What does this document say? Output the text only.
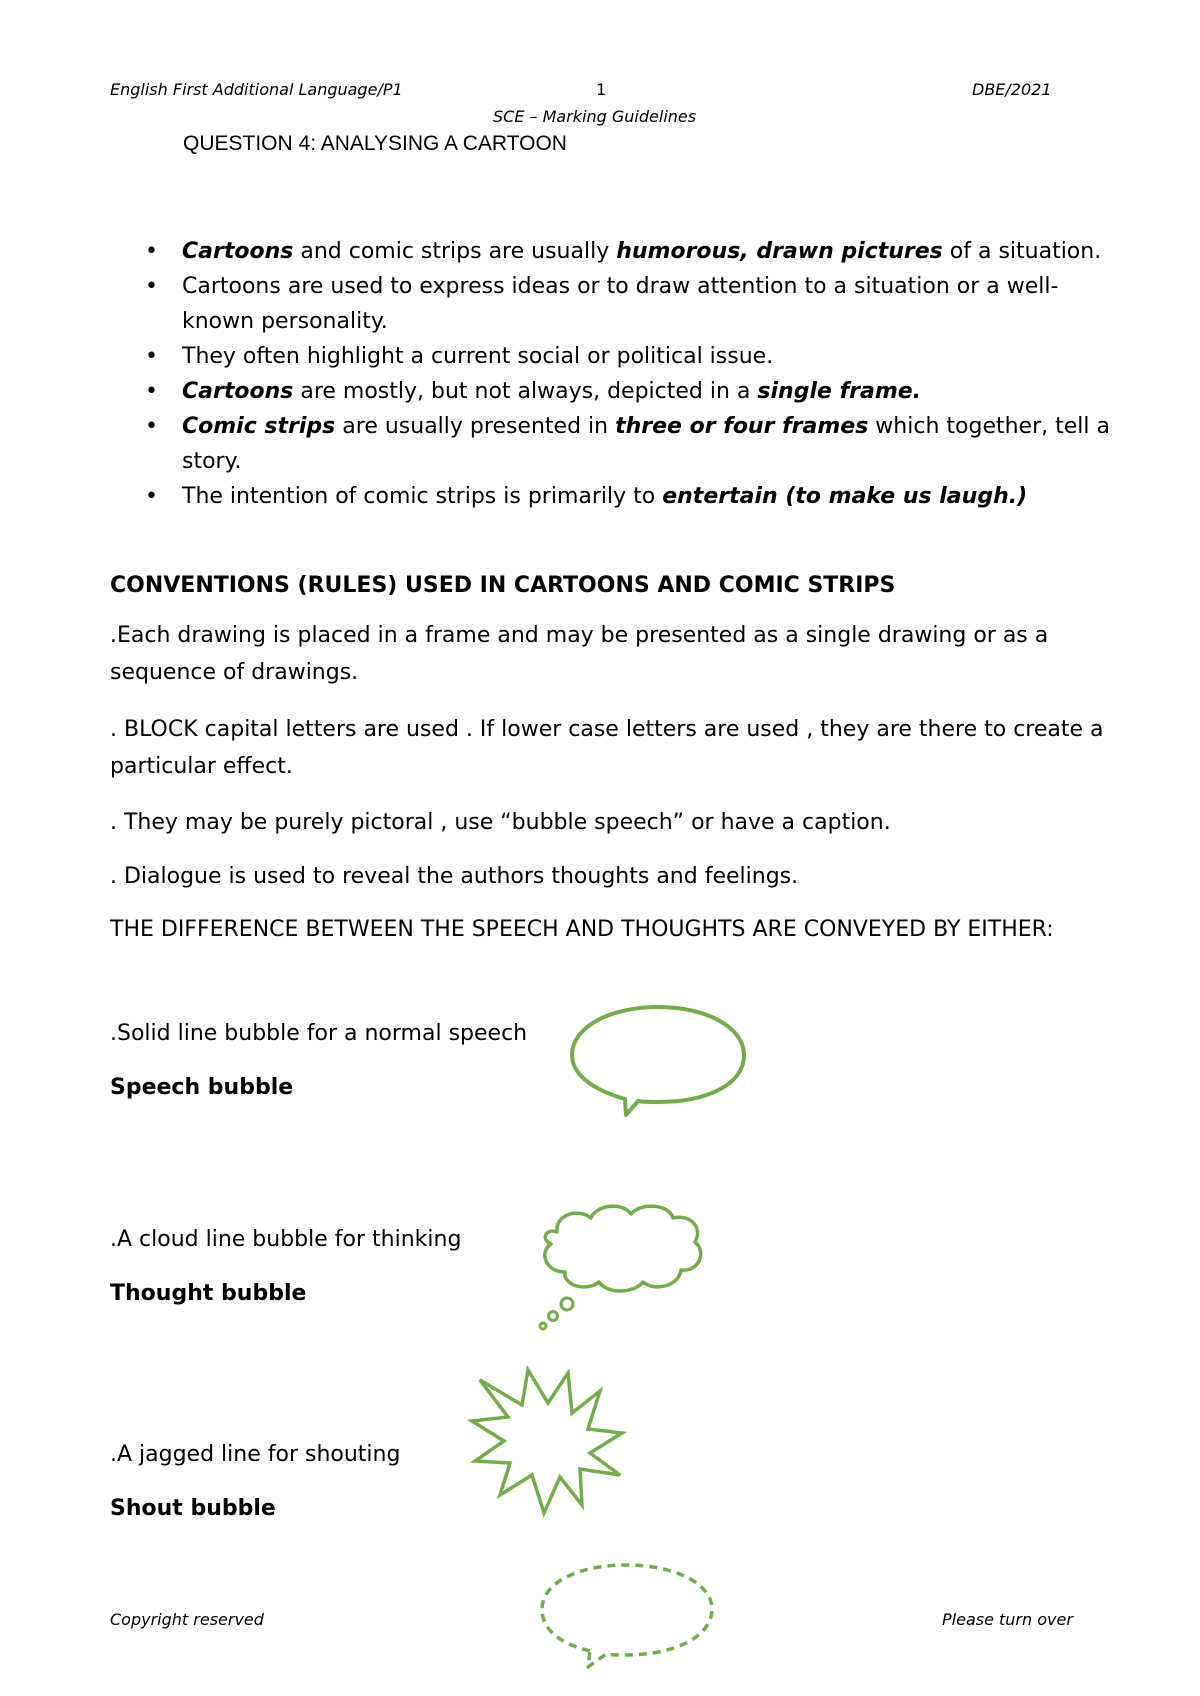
English First Additional Language/P1	1	DBE/2021
SCE – Marking Guidelines
QUESTION 4: ANALYSING A CARTOON
• Cartoons and comic strips are usually humorous, drawn pictures of a situation.
• Cartoons are used to express ideas or to draw attention to a situation or a well-known personality.
• They often highlight a current social or political issue.
• Cartoons are mostly, but not always, depicted in a single frame.
• Comic strips are usually presented in three or four frames which together, tell a story.
• The intention of comic strips is primarily to entertain (to make us laugh.)
CONVENTIONS (RULES) USED IN CARTOONS AND COMIC STRIPS
.Each drawing is placed in a frame and may be presented as a single drawing or as a sequence of drawings.
. BLOCK capital letters are used . If lower case letters are used , they are there to create a particular effect.
. They may be purely pictoral , use “bubble speech” or have a caption.
. Dialogue is used to reveal the authors thoughts and feelings.
THE DIFFERENCE BETWEEN THE SPEECH AND THOUGHTS ARE CONVEYED BY EITHER:
.Solid line bubble for a normal speech
Speech bubble
.A cloud line bubble for thinking
Thought bubble
.A jagged line for shouting
Shout bubble
Copyright reserved	Please turn over
